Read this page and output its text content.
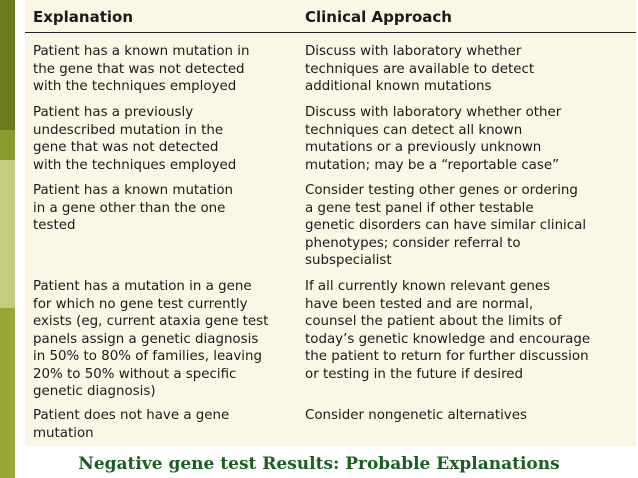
Explanation	Clinical Approach
Patient has a known mutation in
the gene that was not detected
with the techniques employed
Discuss with laboratory whether
techniques are available to detect
additional known mutations
Patient has a previously
undescribed mutation in the
gene that was not detected
with the techniques employed
Discuss with laboratory whether other
techniques can detect all known
mutations or a previously unknown
mutation; may be a “reportable case”
Patient has a known mutation
in a gene other than the one
tested
Consider testing other genes or ordering
a gene test panel if other testable
genetic disorders can have similar clinical
phenotypes; consider referral to
subspecialist
Patient has a mutation in a gene
for which no gene test currently
exists (eg, current ataxia gene test
panels assign a genetic diagnosis
in 50% to 80% of families, leaving
20% to 50% without a specific
genetic diagnosis)
If all currently known relevant genes
have been tested and are normal,
counsel the patient about the limits of
today’s genetic knowledge and encourage
the patient to return for further discussion
or testing in the future if desired
Patient does not have a gene
mutation
Consider nongenetic alternatives
Negative gene test Results: Probable Explanations
